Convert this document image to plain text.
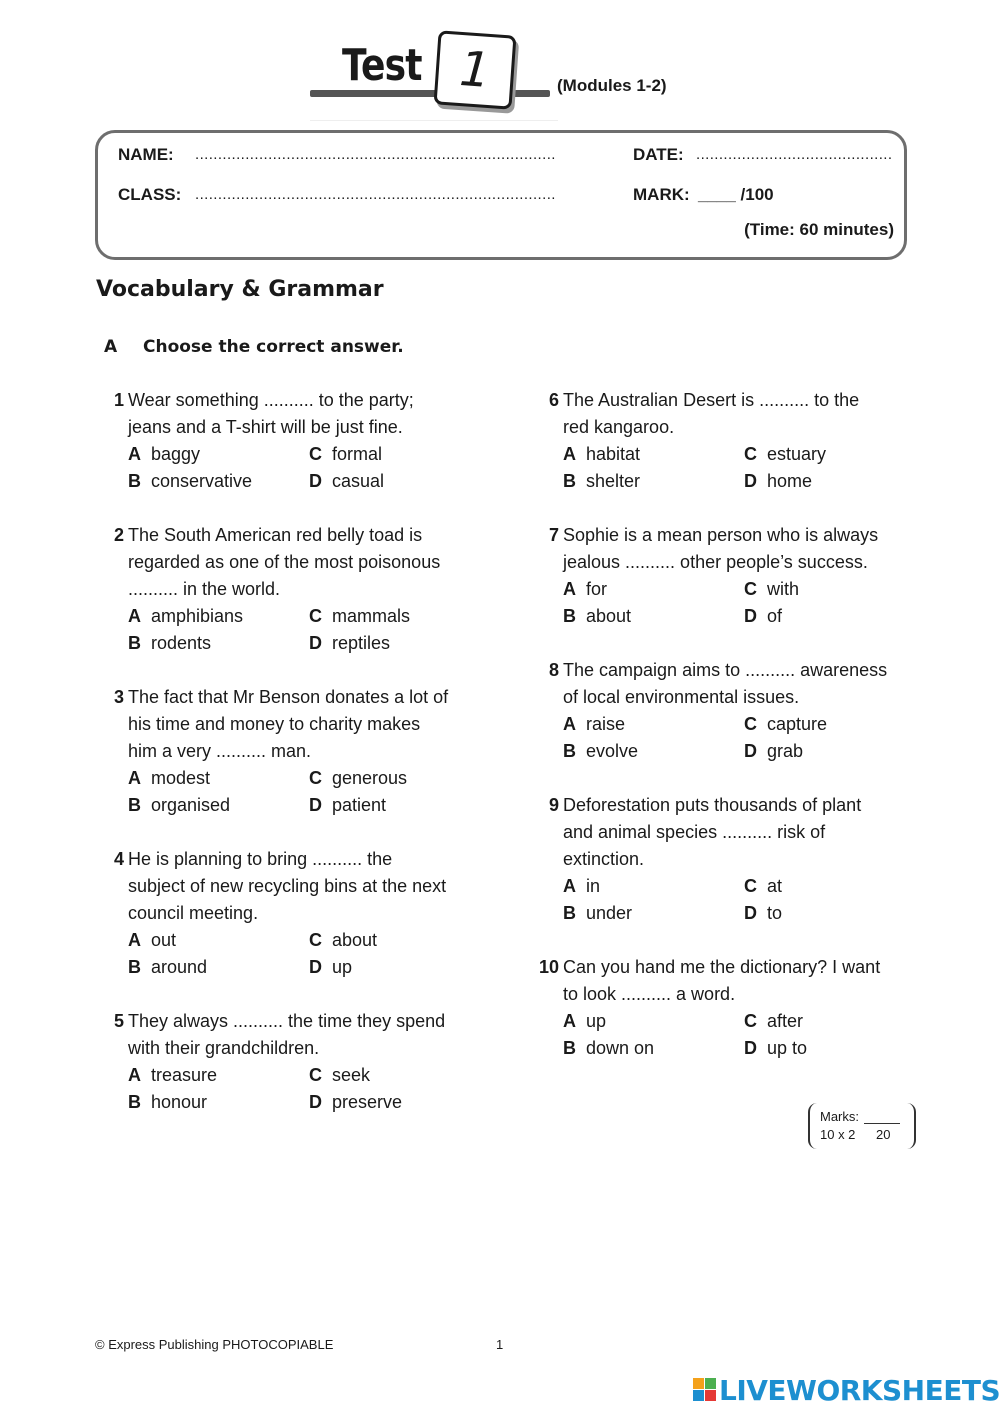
Test 1	(Modules 1-2)
NAME: ...............................................................................	DATE: ...........................................
CLASS: ...............................................................................	MARK: ____ /100
(Time: 60 minutes)
Vocabulary & Grammar
A Choose the correct answer.
1 Wear something .......... to the party; jeans and a T-shirt will be just fine.
A baggy	C formal
B conservative	D casual
2 The South American red belly toad is regarded as one of the most poisonous .......... in the world.
A amphibians	C mammals
B rodents	D reptiles
3 The fact that Mr Benson donates a lot of his time and money to charity makes him a very .......... man.
A modest	C generous
B organised	D patient
4 He is planning to bring .......... the subject of new recycling bins at the next council meeting.
A out	C about
B around	D up
5 They always .......... the time they spend with their grandchildren.
A treasure	C seek
B honour	D preserve
6 The Australian Desert is .......... to the red kangaroo.
A habitat	C estuary
B shelter	D home
7 Sophie is a mean person who is always jealous .......... other people’s success.
A for	C with
B about	D of
8 The campaign aims to .......... awareness of local environmental issues.
A raise	C capture
B evolve	D grab
9 Deforestation puts thousands of plant and animal species .......... risk of extinction.
A in	C at
B under	D to
10 Can you hand me the dictionary? I want to look .......... a word.
A up	C after
B down on	D up to
Marks:
10 x 2 20
© Express Publishing PHOTOCOPIABLE	1
LIVEWORKSHEETS
